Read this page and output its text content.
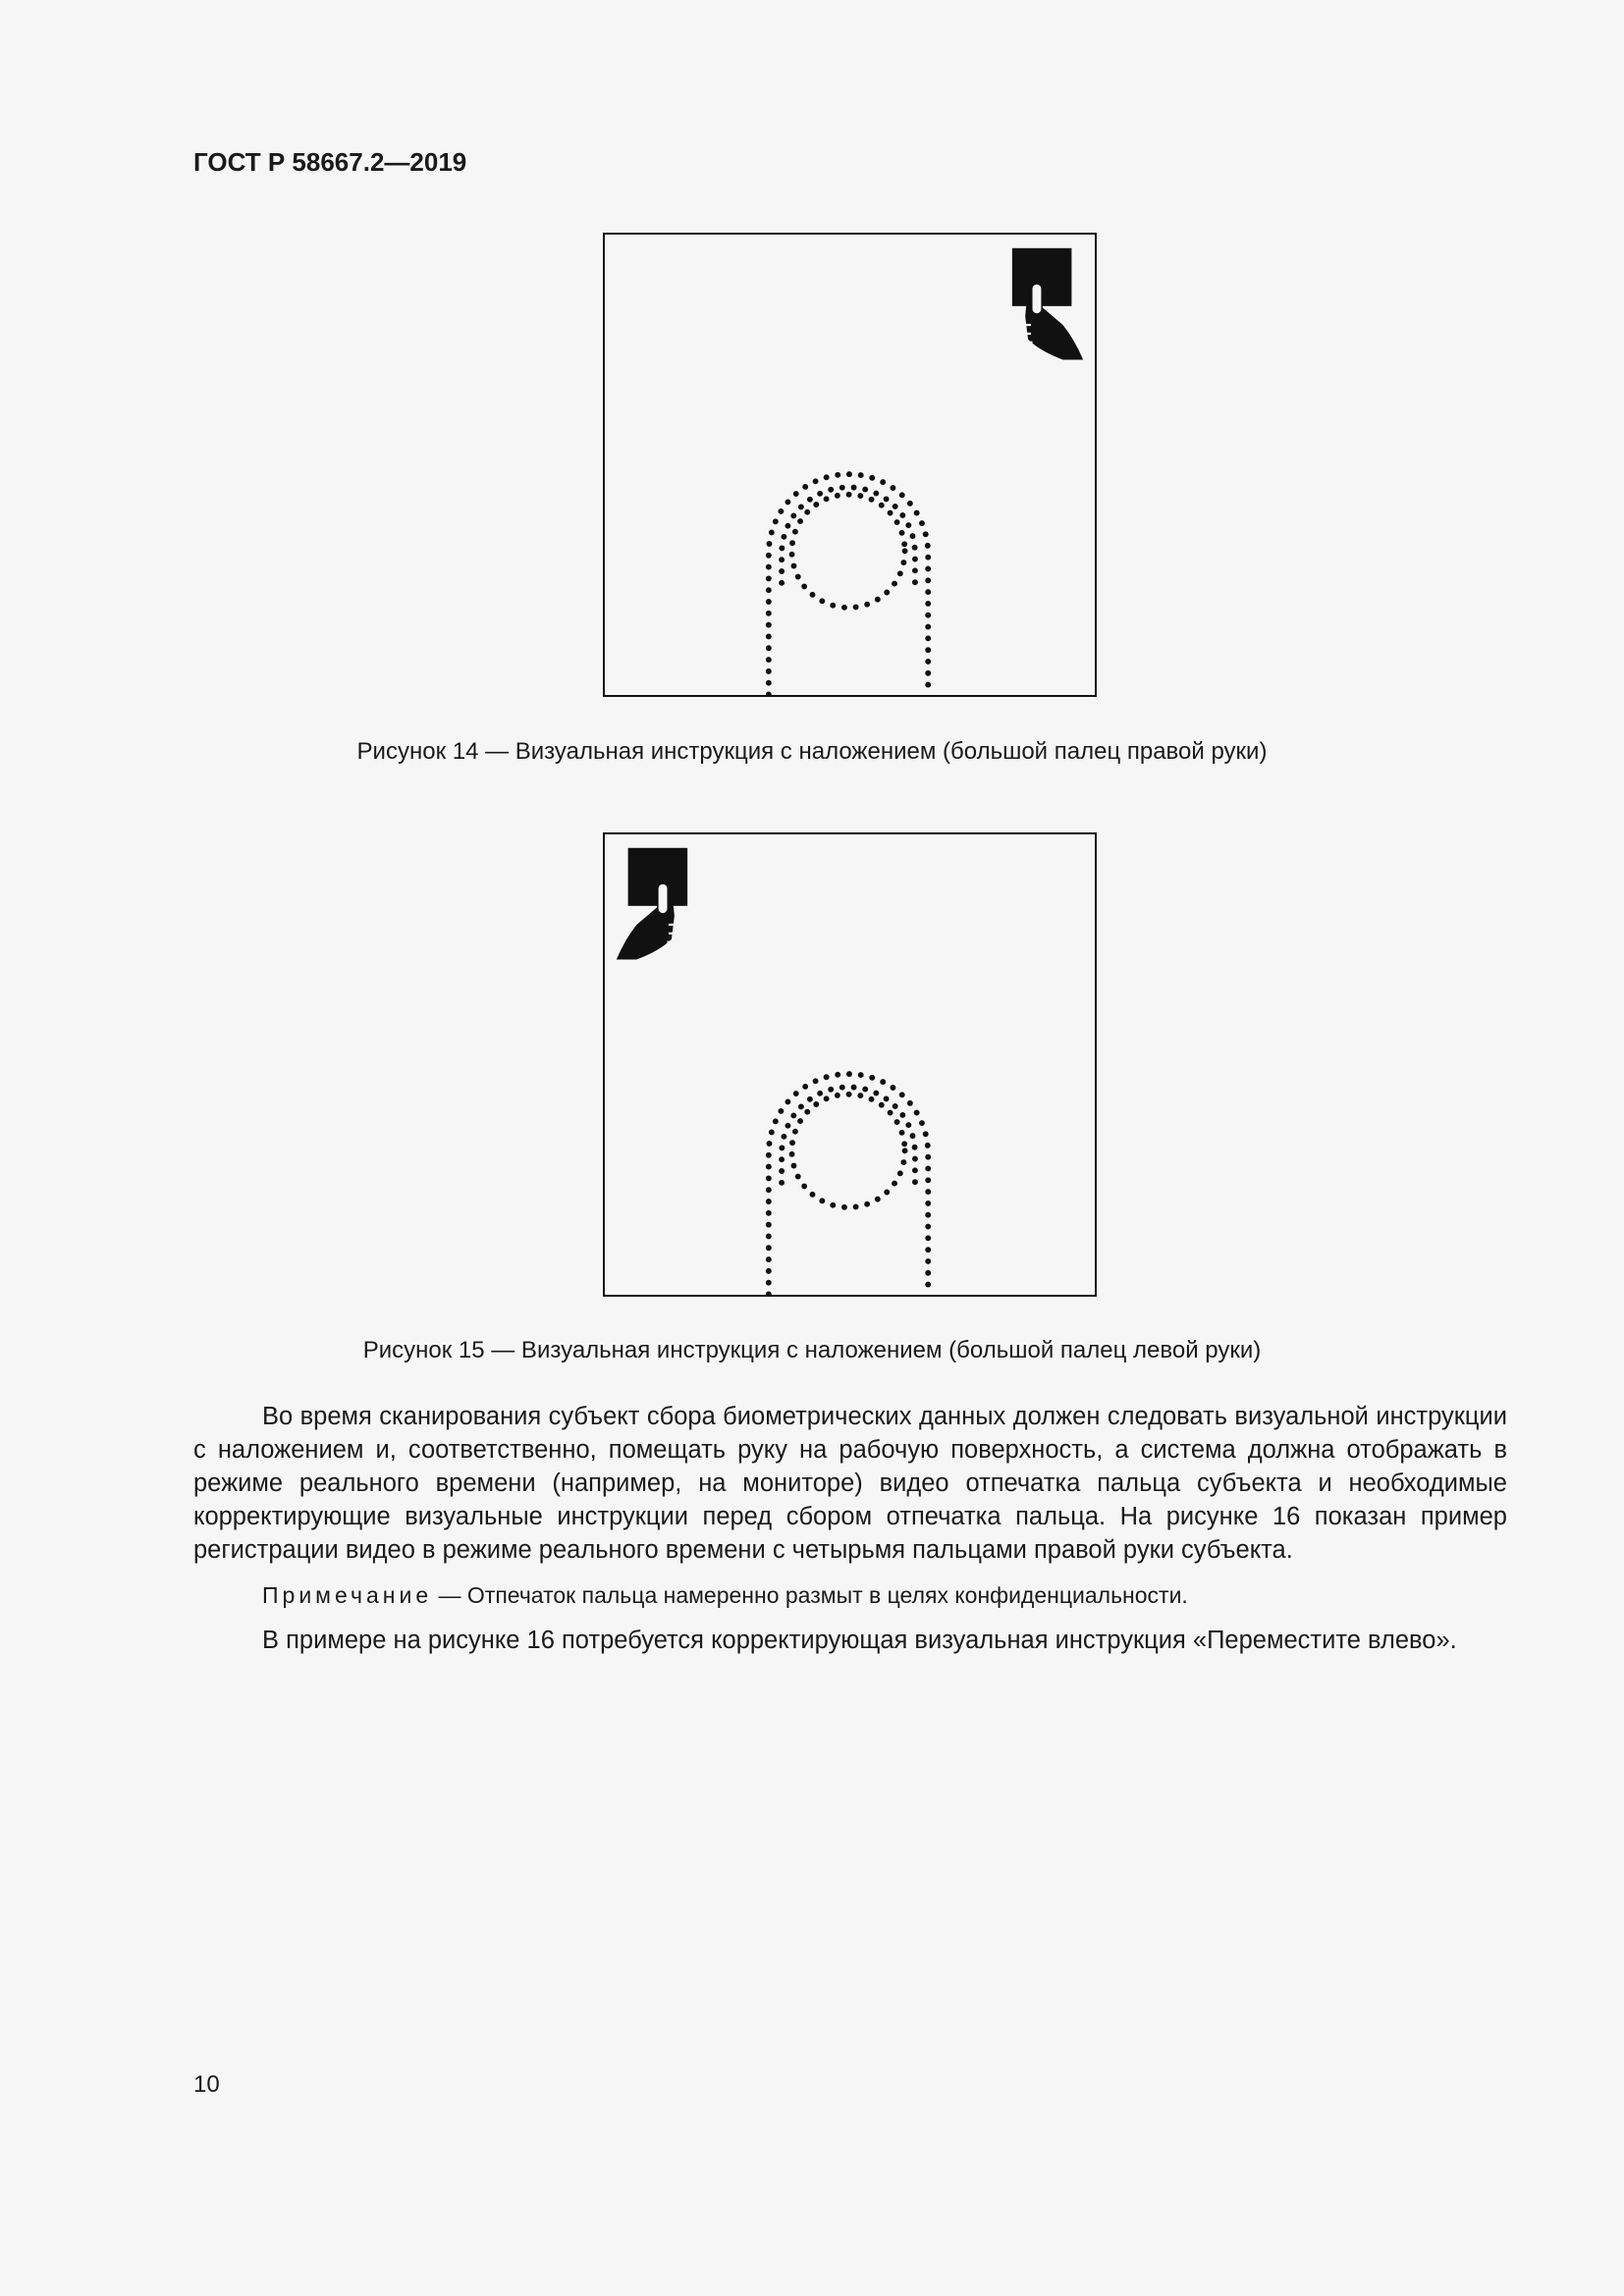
ГОСТ Р 58667.2—2019
Рисунок 14 — Визуальная инструкция с наложением (большой палец правой руки)
Рисунок 15 — Визуальная инструкция с наложением (большой палец левой руки)

Во время сканирования субъект сбора биометрических данных должен следовать визуальной инструкции с наложением и, соответственно, помещать руку на рабочую поверхность, а система должна отображать в режиме реального времени (например, на мониторе) видео отпечатка пальца субъекта и необходимые корректирующие визуальные инструкции перед сбором отпечатка пальца. На рисунке 16 показан пример регистрации видео в режиме реального времени с четырьмя пальцами правой руки субъекта.

Примечание — Отпечаток пальца намеренно размыт в целях конфиденциальности.

В примере на рисунке 16 потребуется корректирующая визуальная инструкция «Переместите влево».

10
